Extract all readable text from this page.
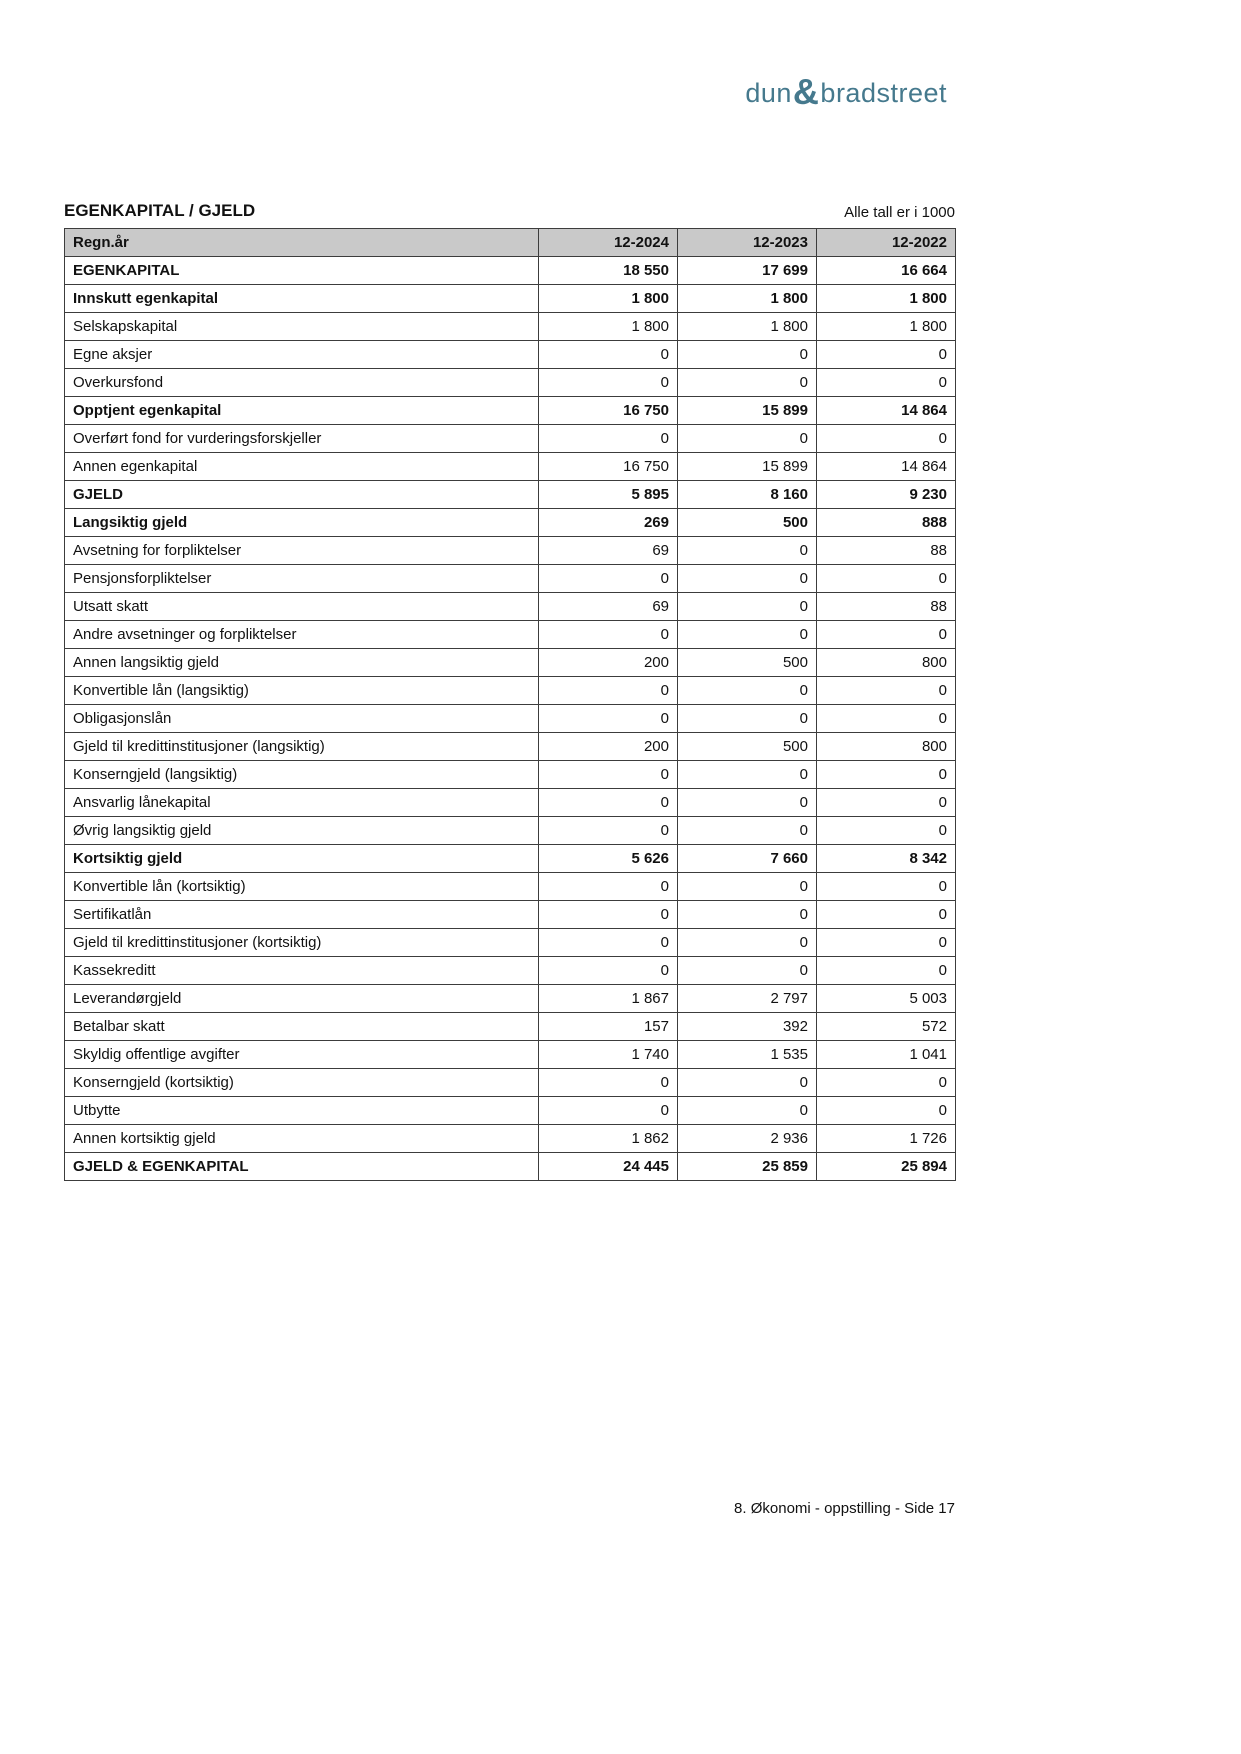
dun&bradstreet
EGENKAPITAL / GJELD	Alle tall er i 1000
Regn.år	12-2024	12-2023	12-2022
EGENKAPITAL	18 550	17 699	16 664
Innskutt egenkapital	1 800	1 800	1 800
Selskapskapital	1 800	1 800	1 800
Egne aksjer	0	0	0
Overkursfond	0	0	0
Opptjent egenkapital	16 750	15 899	14 864
Overført fond for vurderingsforskjeller	0	0	0
Annen egenkapital	16 750	15 899	14 864
GJELD	5 895	8 160	9 230
Langsiktig gjeld	269	500	888
Avsetning for forpliktelser	69	0	88
Pensjonsforpliktelser	0	0	0
Utsatt skatt	69	0	88
Andre avsetninger og forpliktelser	0	0	0
Annen langsiktig gjeld	200	500	800
Konvertible lån (langsiktig)	0	0	0
Obligasjonslån	0	0	0
Gjeld til kredittinstitusjoner (langsiktig)	200	500	800
Konserngjeld (langsiktig)	0	0	0
Ansvarlig lånekapital	0	0	0
Øvrig langsiktig gjeld	0	0	0
Kortsiktig gjeld	5 626	7 660	8 342
Konvertible lån (kortsiktig)	0	0	0
Sertifikatlån	0	0	0
Gjeld til kredittinstitusjoner (kortsiktig)	0	0	0
Kassekreditt	0	0	0
Leverandørgjeld	1 867	2 797	5 003
Betalbar skatt	157	392	572
Skyldig offentlige avgifter	1 740	1 535	1 041
Konserngjeld (kortsiktig)	0	0	0
Utbytte	0	0	0
Annen kortsiktig gjeld	1 862	2 936	1 726
GJELD & EGENKAPITAL	24 445	25 859	25 894
8. Økonomi - oppstilling - Side 17
